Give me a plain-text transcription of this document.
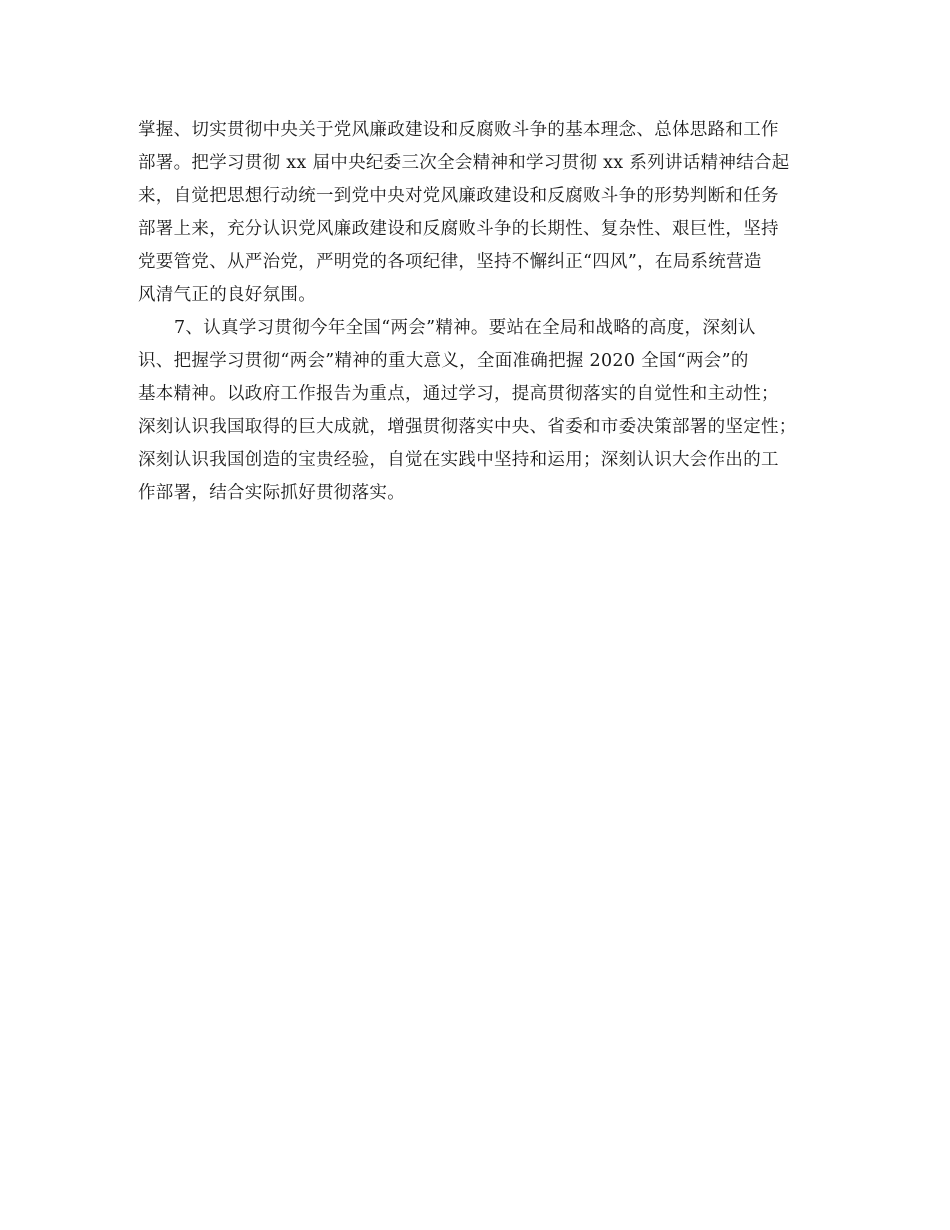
掌握、切实贯彻中央关于党风廉政建设和反腐败斗争的基本理念、总体思路和工作
部署。把学习贯彻 xx 届中央纪委三次全会精神和学习贯彻 xx 系列讲话精神结合起
来，自觉把思想行动统一到党中央对党风廉政建设和反腐败斗争的形势判断和任务
部署上来，充分认识党风廉政建设和反腐败斗争的长期性、复杂性、艰巨性，坚持
党要管党、从严治党，严明党的各项纪律，坚持不懈纠正“四风”，在局系统营造
风清气正的良好氛围。
7、认真学习贯彻今年全国“两会”精神。要站在全局和战略的高度，深刻认
识、把握学习贯彻“两会”精神的重大意义，全面准确把握 2020 全国“两会”的
基本精神。以政府工作报告为重点，通过学习，提高贯彻落实的自觉性和主动性；
深刻认识我国取得的巨大成就，增强贯彻落实中央、省委和市委决策部署的坚定性；
深刻认识我国创造的宝贵经验，自觉在实践中坚持和运用；深刻认识大会作出的工
作部署，结合实际抓好贯彻落实。
